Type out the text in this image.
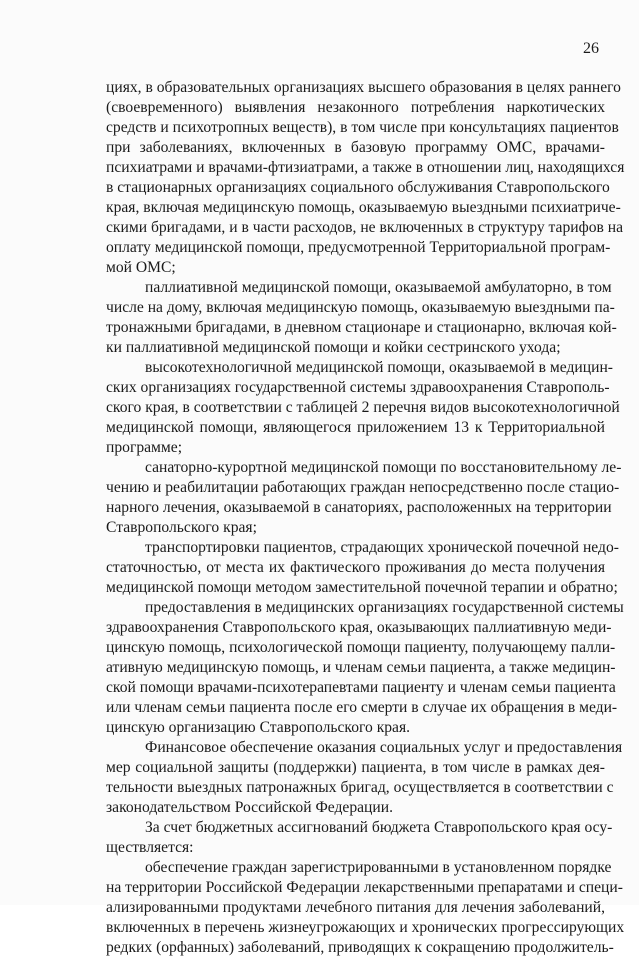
26
циях, в образовательных организациях высшего образования в целях раннего
(своевременного) выявления незаконного потребления наркотических
средств и психотропных веществ), в том числе при консультациях пациентов
при заболеваниях, включенных в базовую программу ОМС, врачами-
психиатрами и врачами-фтизиатрами, а также в отношении лиц, находящихся
в стационарных организациях социального обслуживания Ставропольского
края, включая медицинскую помощь, оказываемую выездными психиатриче-
скими бригадами, и в части расходов, не включенных в структуру тарифов на
оплату медицинской помощи, предусмотренной Территориальной програм-
мой ОМС;
паллиативной медицинской помощи, оказываемой амбулаторно, в том
числе на дому, включая медицинскую помощь, оказываемую выездными па-
тронажными бригадами, в дневном стационаре и стационарно, включая кой-
ки паллиативной медицинской помощи и койки сестринского ухода;
высокотехнологичной медицинской помощи, оказываемой в медицин-
ских организациях государственной системы здравоохранения Ставрополь-
ского края, в соответствии с таблицей 2 перечня видов высокотехнологичной
медицинской помощи, являющегося приложением 13 к Территориальной
программе;
санаторно-курортной медицинской помощи по восстановительному ле-
чению и реабилитации работающих граждан непосредственно после стацио-
нарного лечения, оказываемой в санаториях, расположенных на территории
Ставропольского края;
транспортировки пациентов, страдающих хронической почечной недо-
статочностью, от места их фактического проживания до места получения
медицинской помощи методом заместительной почечной терапии и обратно;
предоставления в медицинских организациях государственной системы
здравоохранения Ставропольского края, оказывающих паллиативную меди-
цинскую помощь, психологической помощи пациенту, получающему палли-
ативную медицинскую помощь, и членам семьи пациента, а также медицин-
ской помощи врачами-психотерапевтами пациенту и членам семьи пациента
или членам семьи пациента после его смерти в случае их обращения в меди-
цинскую организацию Ставропольского края.
Финансовое обеспечение оказания социальных услуг и предоставления
мер социальной защиты (поддержки) пациента, в том числе в рамках дея-
тельности выездных патронажных бригад, осуществляется в соответствии с
законодательством Российской Федерации.
За счет бюджетных ассигнований бюджета Ставропольского края осу-
ществляется:
обеспечение граждан зарегистрированными в установленном порядке
на территории Российской Федерации лекарственными препаратами и специ-
ализированными продуктами лечебного питания для лечения заболеваний,
включенных в перечень жизнеугрожающих и хронических прогрессирующих
редких (орфанных) заболеваний, приводящих к сокращению продолжитель-
